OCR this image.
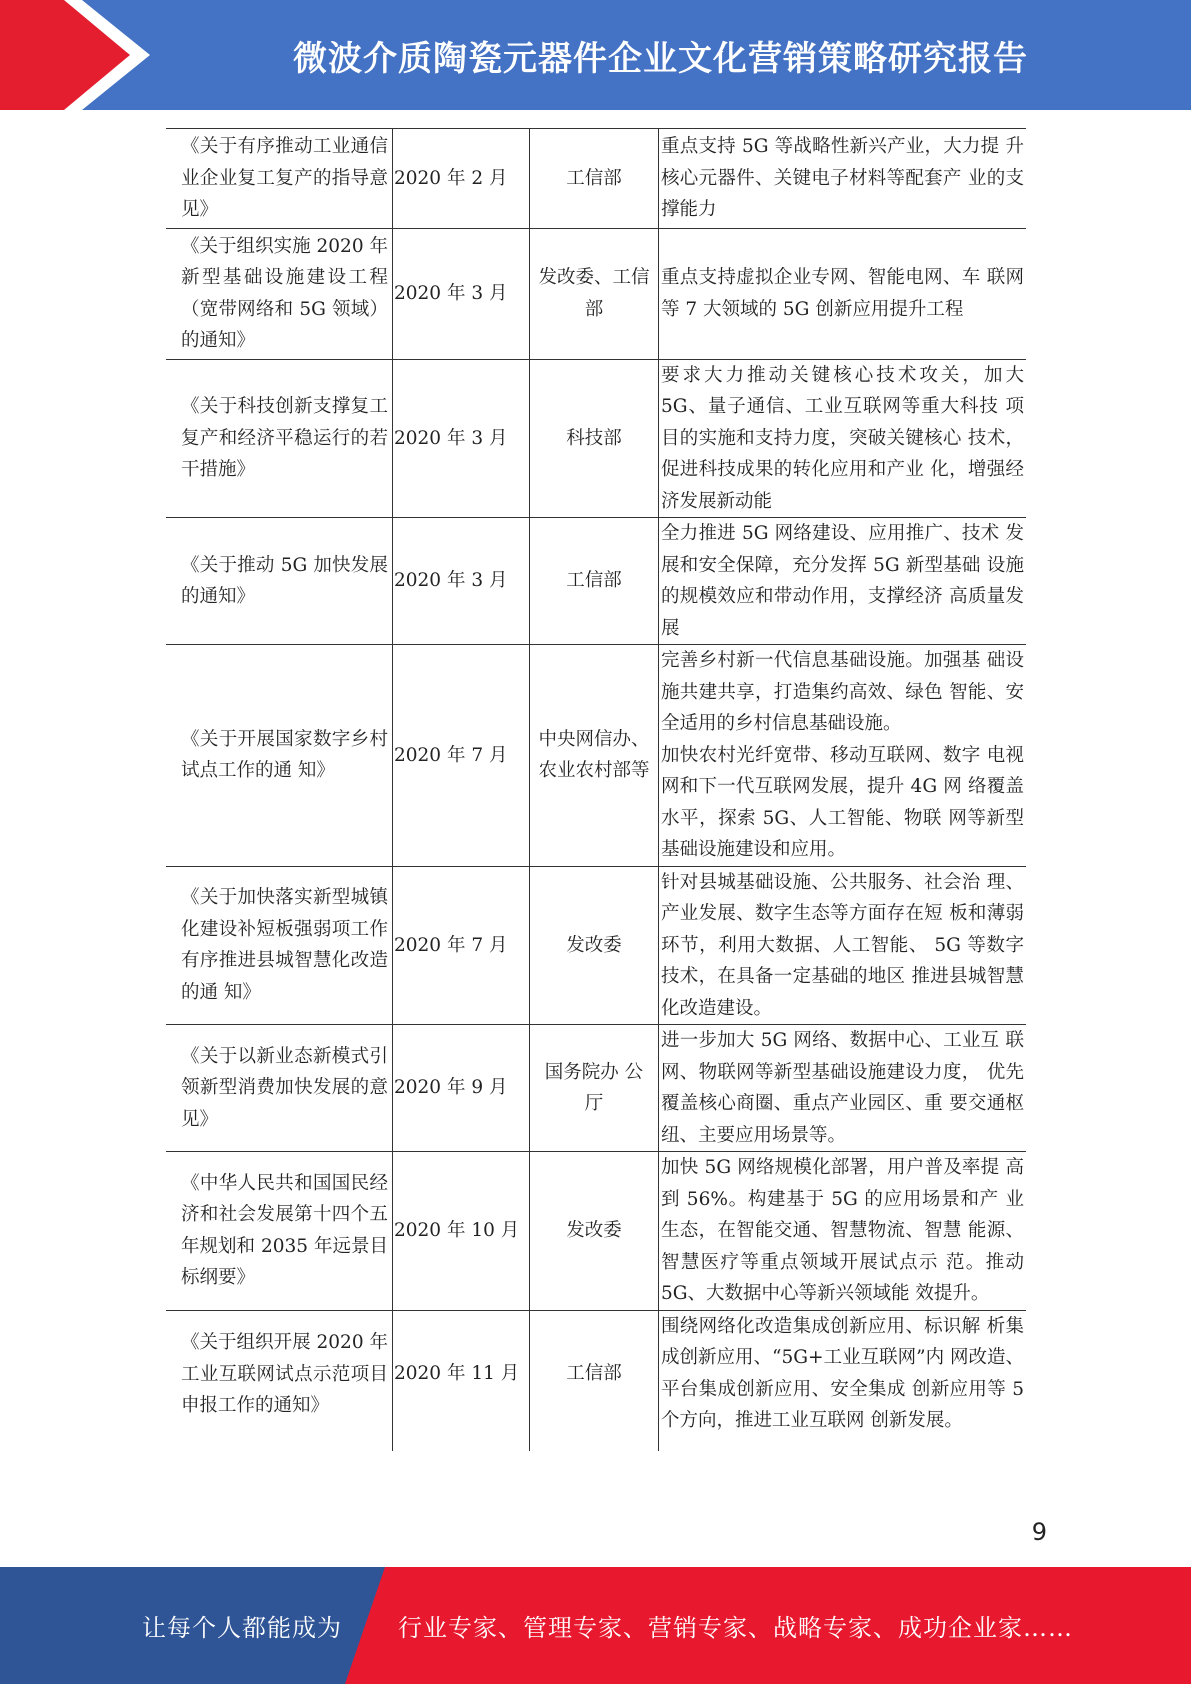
微波介质陶瓷元器件企业文化营销策略研究报告
《关于有序推动工业通信业企业复工复产的指导意见》	2020 年 2 月	工信部	重点支持 5G 等战略性新兴产业，大力提 升核心元器件、关键电子材料等配套产 业的支撑能力
《关于组织实施 2020 年新型基础设施建设工程（宽带网络和 5G 领域）的通知》	2020 年 3 月	发改委、工信部	重点支持虚拟企业专网、智能电网、车 联网等 7 大领域的 5G 创新应用提升工程
《关于科技创新支撑复工复产和经济平稳运行的若干措施》	2020 年 3 月	科技部	要求大力推动关键核心技术攻关，加大 5G、量子通信、工业互联网等重大科技 项目的实施和支持力度，突破关键核心 技术，促进科技成果的转化应用和产业 化，增强经济发展新动能
《关于推动 5G 加快发展的通知》	2020 年 3 月	工信部	全力推进 5G 网络建设、应用推广、技术 发展和安全保障，充分发挥 5G 新型基础 设施的规模效应和带动作用，支撑经济 高质量发展
《关于开展国家数字乡村试点工作的通 知》	2020 年 7 月	中央网信办、农业农村部等	完善乡村新一代信息基础设施。加强基 础设施共建共享，打造集约高效、绿色 智能、安全适用的乡村信息基础设施。
加快农村光纤宽带、移动互联网、数字 电视网和下一代互联网发展，提升 4G 网 络覆盖水平，探索 5G、人工智能、物联 网等新型基础设施建设和应用。

《关于加快落实新型城镇化建设补短板强弱项工作有序推进县城智慧化改造的通 知》	2020 年 7 月	发改委	针对县城基础设施、公共服务、社会治 理、产业发展、数字生态等方面存在短 板和薄弱环节，利用大数据、人工智能、 5G 等数字技术，在具备一定基础的地区 推进县城智慧化改造建设。
《关于以新业态新模式引领新型消费加快发展的意见》	2020 年 9 月	国务院办 公厅	进一步加大 5G 网络、数据中心、工业互 联网、物联网等新型基础设施建设力度， 优先覆盖核心商圈、重点产业园区、重 要交通枢纽、主要应用场景等。
《中华人民共和国国民经济和社会发展第十四个五年规划和 2035 年远景目标纲要》	2020 年 10 月	发改委	加快 5G 网络规模化部署，用户普及率提 高到 56%。构建基于 5G 的应用场景和产 业生态，在智能交通、智慧物流、智慧 能源、智慧医疗等重点领域开展试点示 范。推动 5G、大数据中心等新兴领域能 效提升。
《关于组织开展 2020 年工业互联网试点示范项目申报工作的通知》	2020 年 11 月	工信部	围绕网络化改造集成创新应用、标识解 析集成创新应用、“5G+工业互联网”内 网改造、平台集成创新应用、安全集成 创新应用等 5 个方向，推进工业互联网 创新发展。
9
让每个人都能成为 行业专家、管理专家、营销专家、战略专家、成功企业家……
